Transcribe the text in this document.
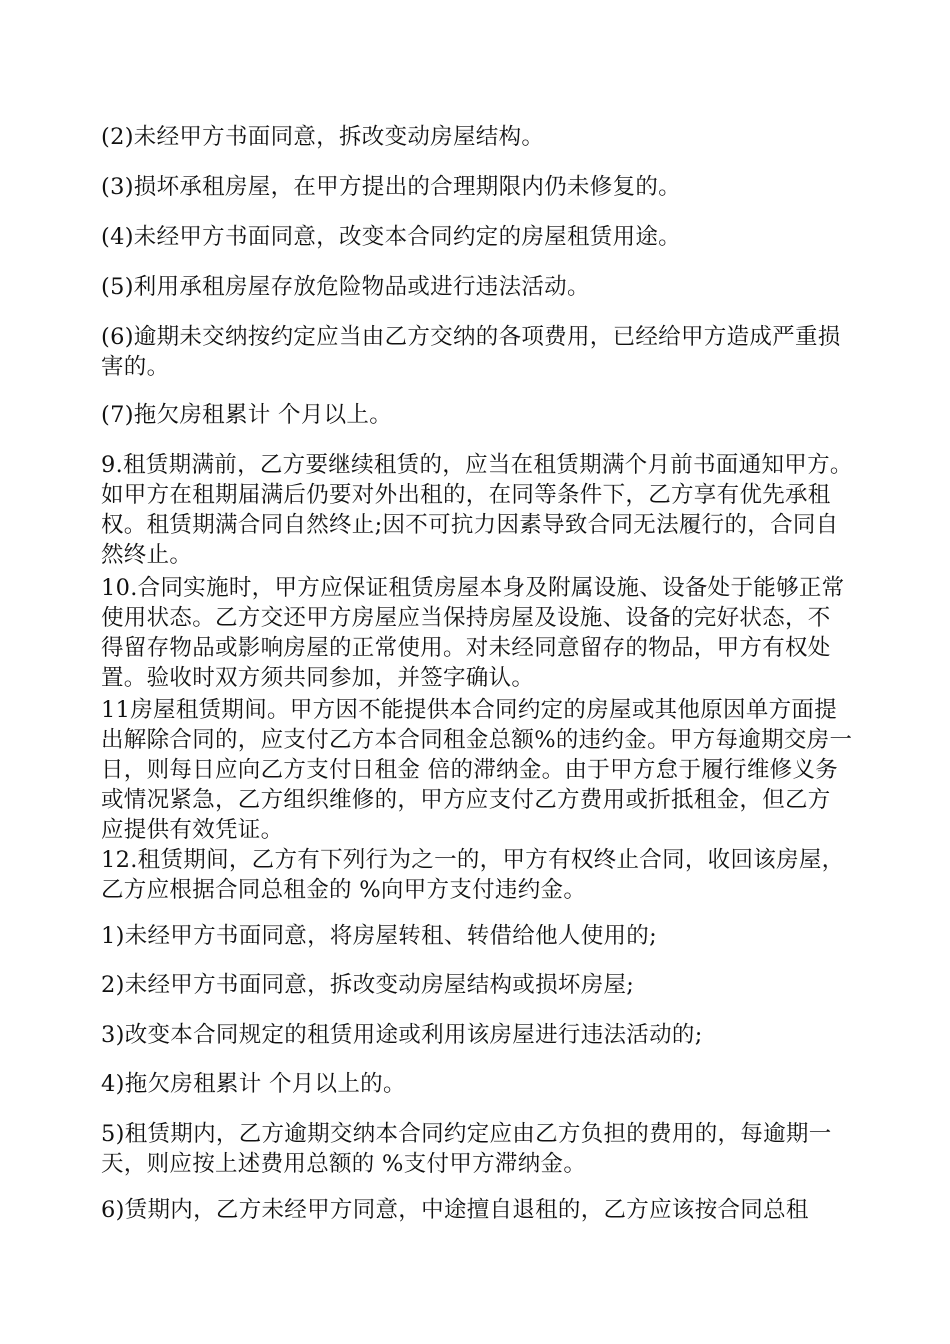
(2)未经甲方书面同意，拆改变动房屋结构。

(3)损坏承租房屋，在甲方提出的合理期限内仍未修复的。

(4)未经甲方书面同意，改变本合同约定的房屋租赁用途。

(5)利用承租房屋存放危险物品或进行违法活动。

(6)逾期未交纳按约定应当由乙方交纳的各项费用，已经给甲方造成严重损害的。

(7)拖欠房租累计 个月以上。

9.租赁期满前，乙方要继续租赁的，应当在租赁期满个月前书面通知甲方。如甲方在租期届满后仍要对外出租的，在同等条件下，乙方享有优先承租权。租赁期满合同自然终止;因不可抗力因素导致合同无法履行的，合同自然终止。

10.合同实施时，甲方应保证租赁房屋本身及附属设施、设备处于能够正常使用状态。乙方交还甲方房屋应当保持房屋及设施、设备的完好状态，不得留存物品或影响房屋的正常使用。对未经同意留存的物品，甲方有权处置。验收时双方须共同参加，并签字确认。

11房屋租赁期间。甲方因不能提供本合同约定的房屋或其他原因单方面提出解除合同的，应支付乙方本合同租金总额%的违约金。甲方每逾期交房一日，则每日应向乙方支付日租金 倍的滞纳金。由于甲方怠于履行维修义务或情况紧急，乙方组织维修的，甲方应支付乙方费用或折抵租金，但乙方应提供有效凭证。

12.租赁期间，乙方有下列行为之一的，甲方有权终止合同，收回该房屋，乙方应根据合同总租金的 %向甲方支付违约金。

1)未经甲方书面同意，将房屋转租、转借给他人使用的;

2)未经甲方书面同意，拆改变动房屋结构或损坏房屋;

3)改变本合同规定的租赁用途或利用该房屋进行违法活动的;

4)拖欠房租累计 个月以上的。

5)租赁期内，乙方逾期交纳本合同约定应由乙方负担的费用的，每逾期一天，则应按上述费用总额的 %支付甲方滞纳金。

6)赁期内，乙方未经甲方同意，中途擅自退租的，乙方应该按合同总租
